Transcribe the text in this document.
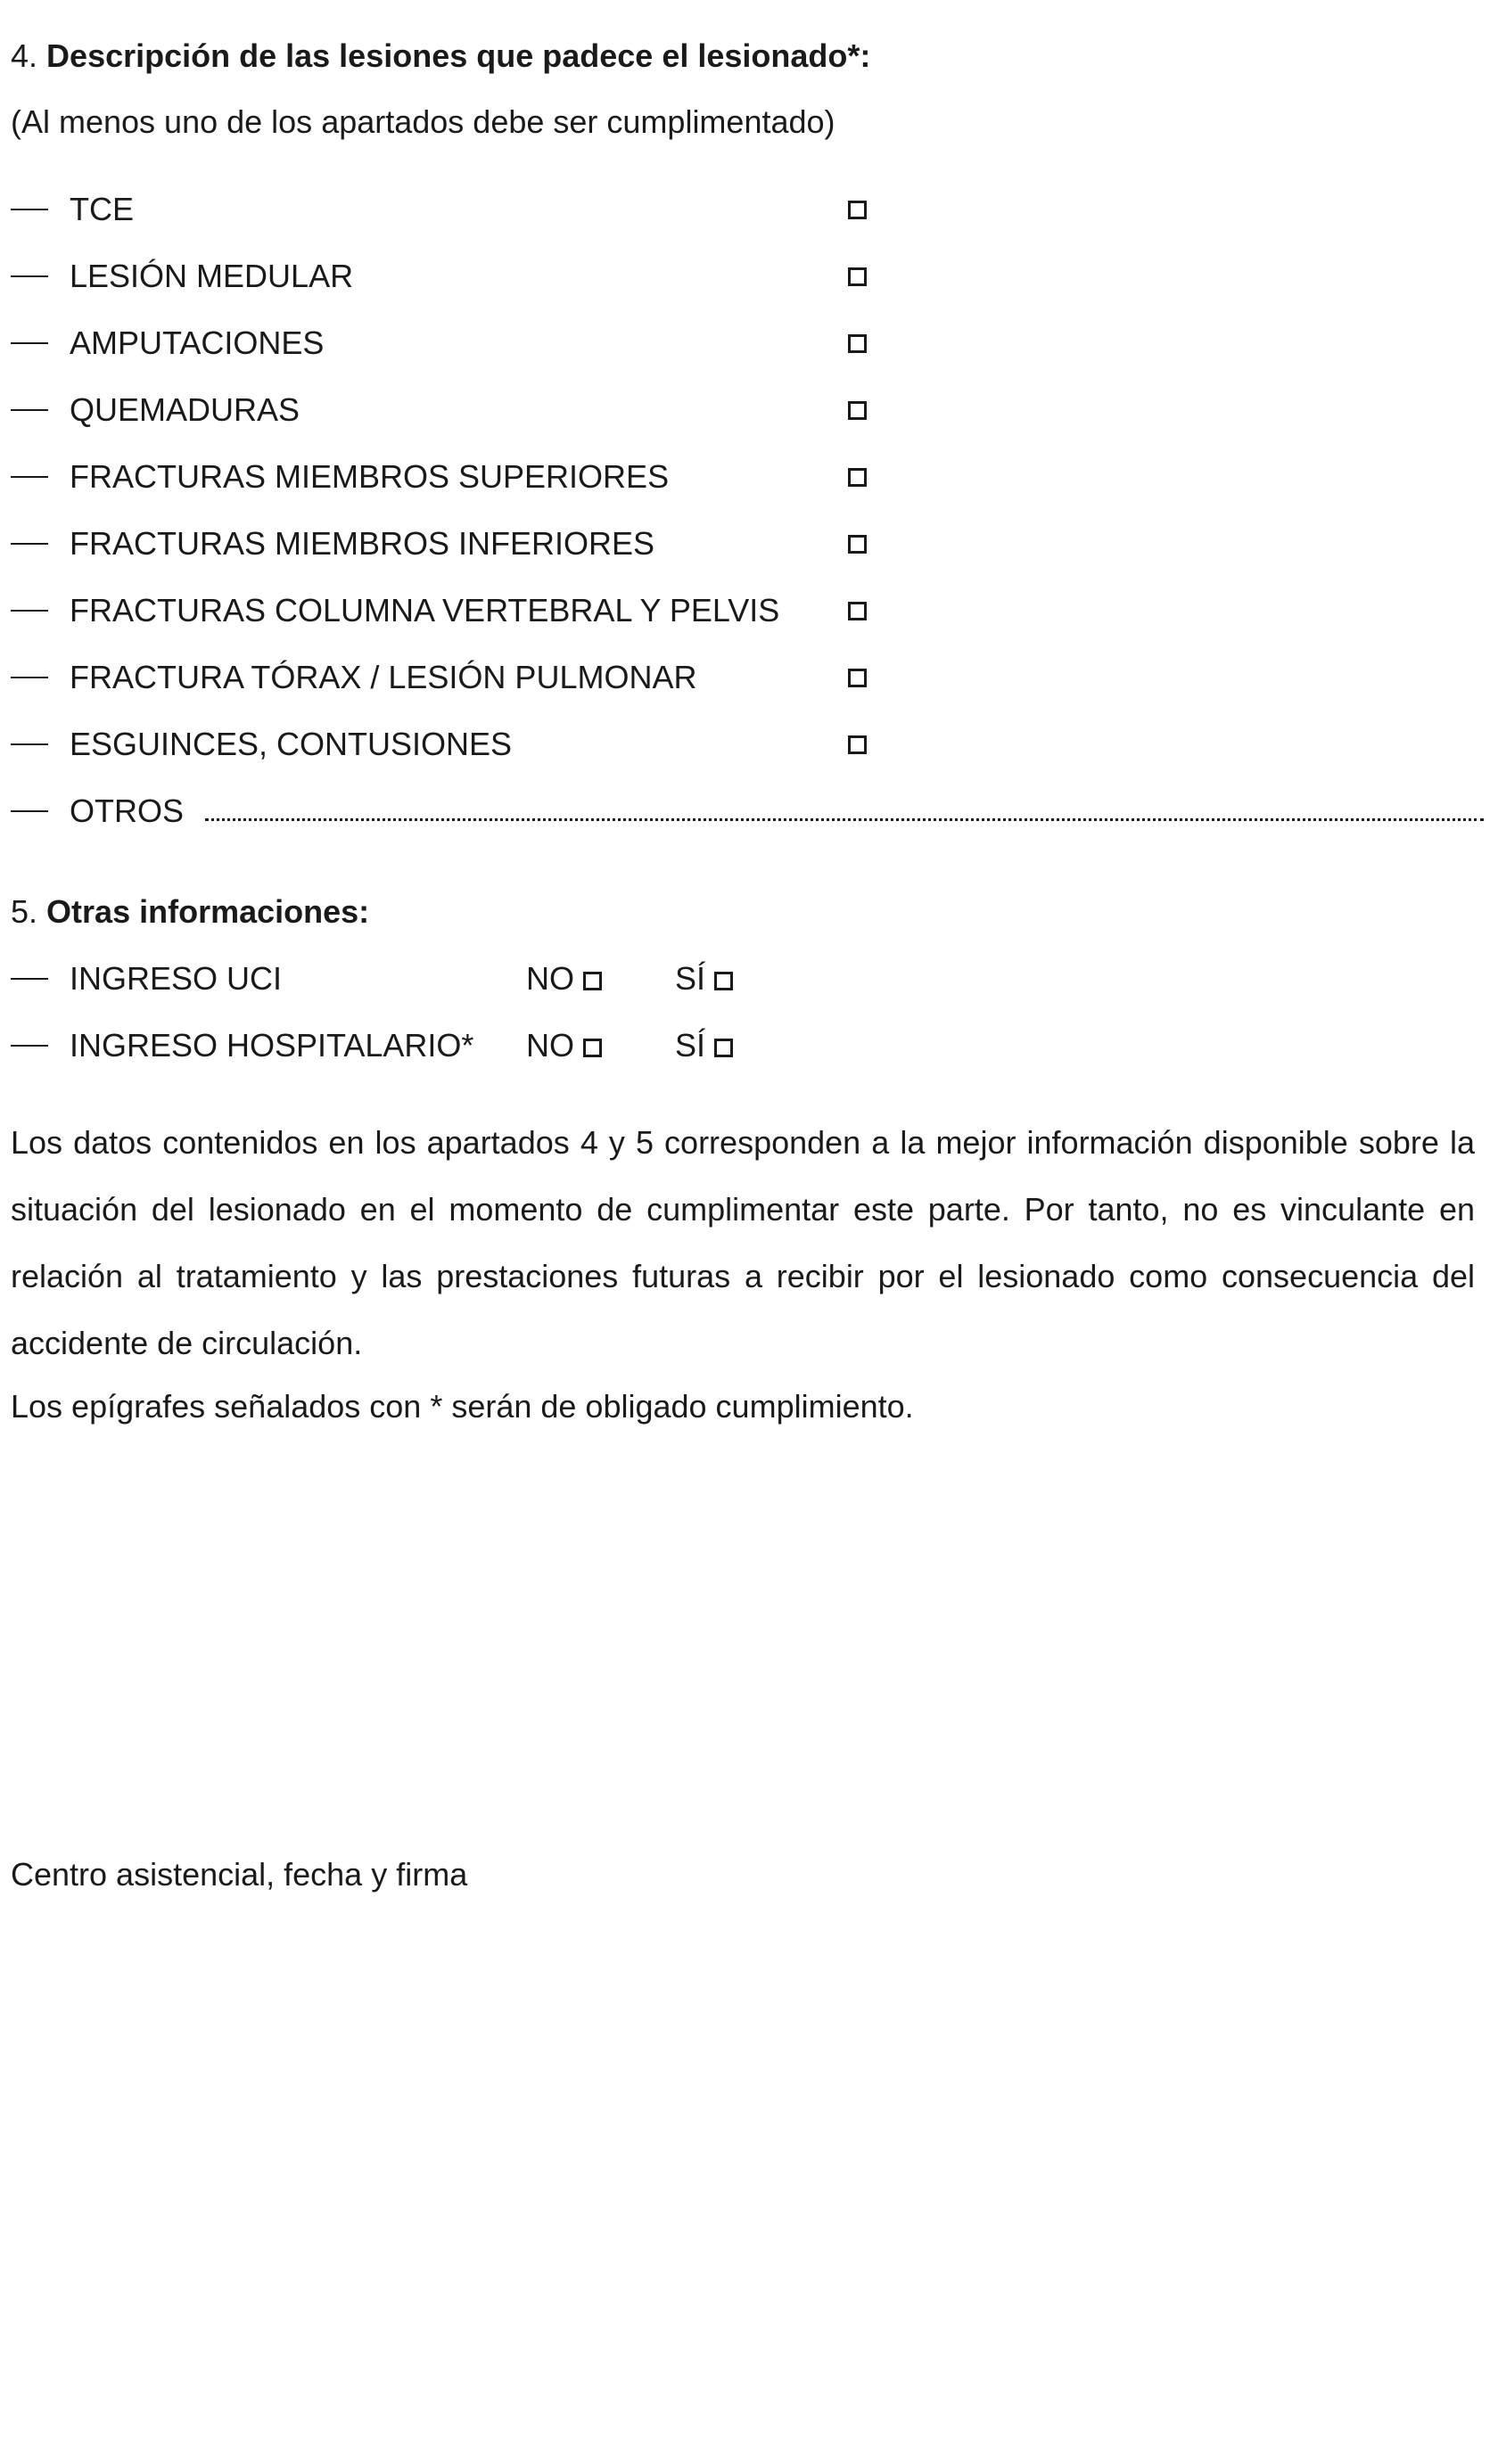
4. Descripción de las lesiones que padece el lesionado*:
(Al menos uno de los apartados debe ser cumplimentado)
TCE
LESIÓN MEDULAR
AMPUTACIONES
QUEMADURAS
FRACTURAS MIEMBROS SUPERIORES
FRACTURAS MIEMBROS INFERIORES
FRACTURAS COLUMNA VERTEBRAL Y PELVIS
FRACTURA TÓRAX / LESIÓN PULMONAR
ESGUINCES, CONTUSIONES
OTROS
5. Otras informaciones:
INGRESO UCI	NO	SÍ
INGRESO HOSPITALARIO* NO	SÍ
Los datos contenidos en los apartados 4 y 5 corresponden a la mejor información disponible sobre la situación del lesionado en el momento de cumplimentar este parte. Por tanto, no es vinculante en relación al tratamiento y las prestaciones futuras a recibir por el lesionado como consecuencia del accidente de circulación.
Los epígrafes señalados con * serán de obligado cumplimiento.
Centro asistencial, fecha y firma
